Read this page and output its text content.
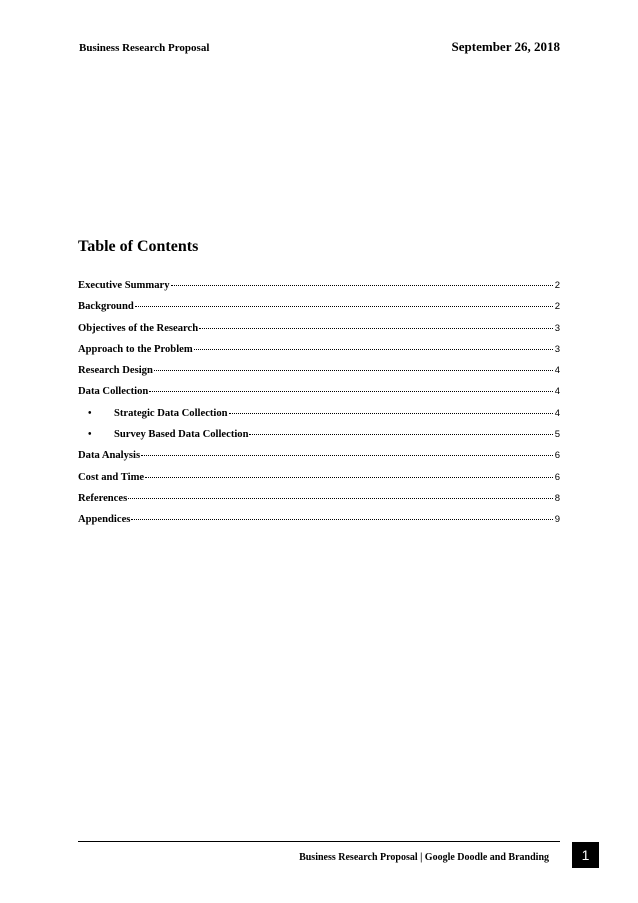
Business Research Proposal	September 26, 2018
Table of Contents
Executive Summary	2
Background	2
Objectives of the Research	3
Approach to the Problem	3
Research Design	4
Data Collection	4
•	Strategic Data Collection	4
•	Survey Based Data Collection	5
Data Analysis	6
Cost and Time	6
References	8
Appendices	9
Business Research Proposal | Google Doodle and Branding 1
